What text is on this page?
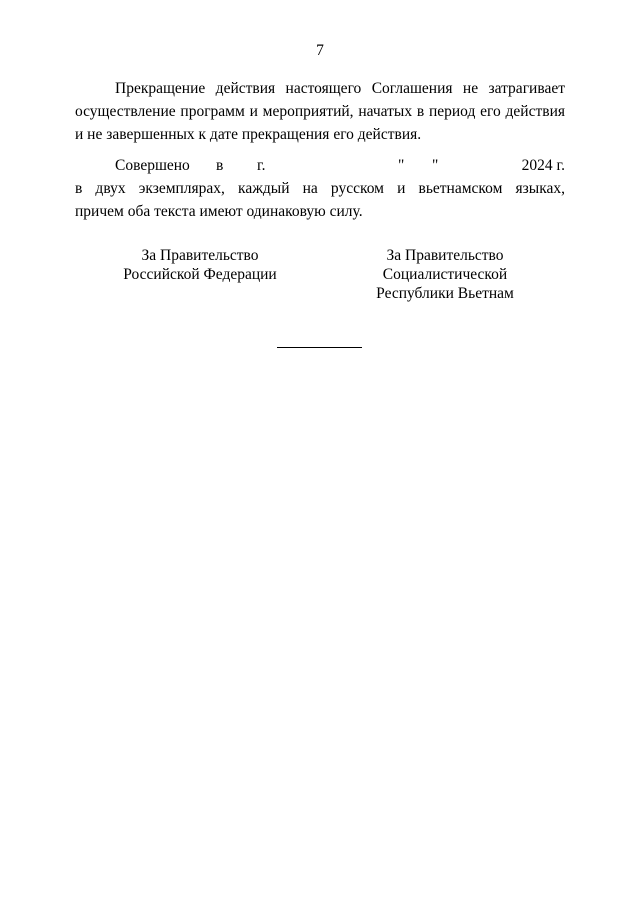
7
Прекращение действия настоящего Соглашения не затрагивает
осуществление программ и мероприятий, начатых в период его действия
и не завершенных к дате прекращения его действия.
Совершено в г.	" "	2024 г.
в двух экземплярах, каждый на русском и вьетнамском языках,
причем оба текста имеют одинаковую силу.
За Правительство
Российской Федерации
За Правительство
Социалистической
Республики Вьетнам
